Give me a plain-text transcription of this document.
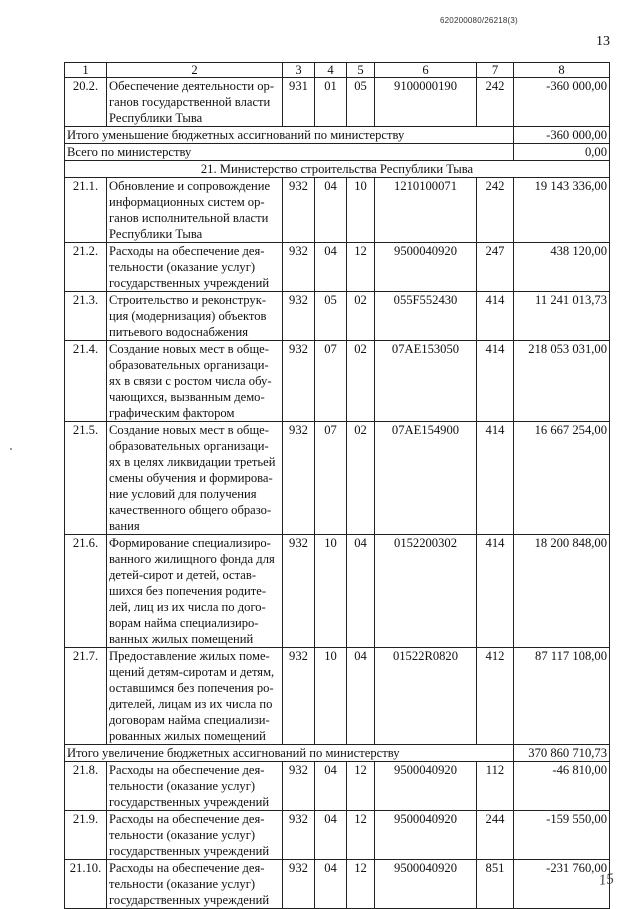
620200080/26218(3)
13
15
1	2	3	4	5	6	7	8
20.2.	Обеспечение деятельности ор-ганов государственной власти Республики Тыва	931	01	05	9100000190	242	-360 000,00
Итого уменьшение бюджетных ассигнований по министерству							-360 000,00
Всего по министерству							0,00
21. Министерство строительства Республики Тыва							
21.1.	Обновление и сопровождение информационных систем ор-ганов исполнительной власти Республики Тыва	932	04	10	1210100071	242	19 143 336,00
21.2.	Расходы на обеспечение дея-тельности (оказание услуг) государственных учреждений	932	04	12	9500040920	247	438 120,00
21.3.	Строительство и реконструк-ция (модернизация) объектов питьевого водоснабжения	932	05	02	055F552430	414	11 241 013,73
21.4.	Создание новых мест в обще-образовательных организаци-ях в связи с ростом числа обу-чающихся, вызванным демо-графическим фактором	932	07	02	07AE153050	414	218 053 031,00
21.5.	Создание новых мест в обще-образовательных организаци-ях в целях ликвидации третьей смены обучения и формирова-ние условий для получения качественного общего образо-вания	932	07	02	07AE154900	414	16 667 254,00
21.6.	Формирование специализиро-ванного жилищного фонда для детей-сирот и детей, остав-шихся без попечения родите-лей, лиц из их числа по дого-ворам найма специализиро-ванных жилых помещений	932	10	04	0152200302	414	18 200 848,00
21.7.	Предоставление жилых поме-щений детям-сиротам и детям, оставшимся без попечения ро-дителей, лицам из их числа по договорам найма специализи-рованных жилых помещений	932	10	04	01522R0820	412	87 117 108,00
Итого увеличение бюджетных ассигнований по министерству							370 860 710,73
21.8.	Расходы на обеспечение дея-тельности (оказание услуг) государственных учреждений	932	04	12	9500040920	112	-46 810,00
21.9.	Расходы на обеспечение дея-тельности (оказание услуг) государственных учреждений	932	04	12	9500040920	244	-159 550,00
21.10.	Расходы на обеспечение дея-тельности (оказание услуг) государственных учреждений	932	04	12	9500040920	851	-231 760,00
